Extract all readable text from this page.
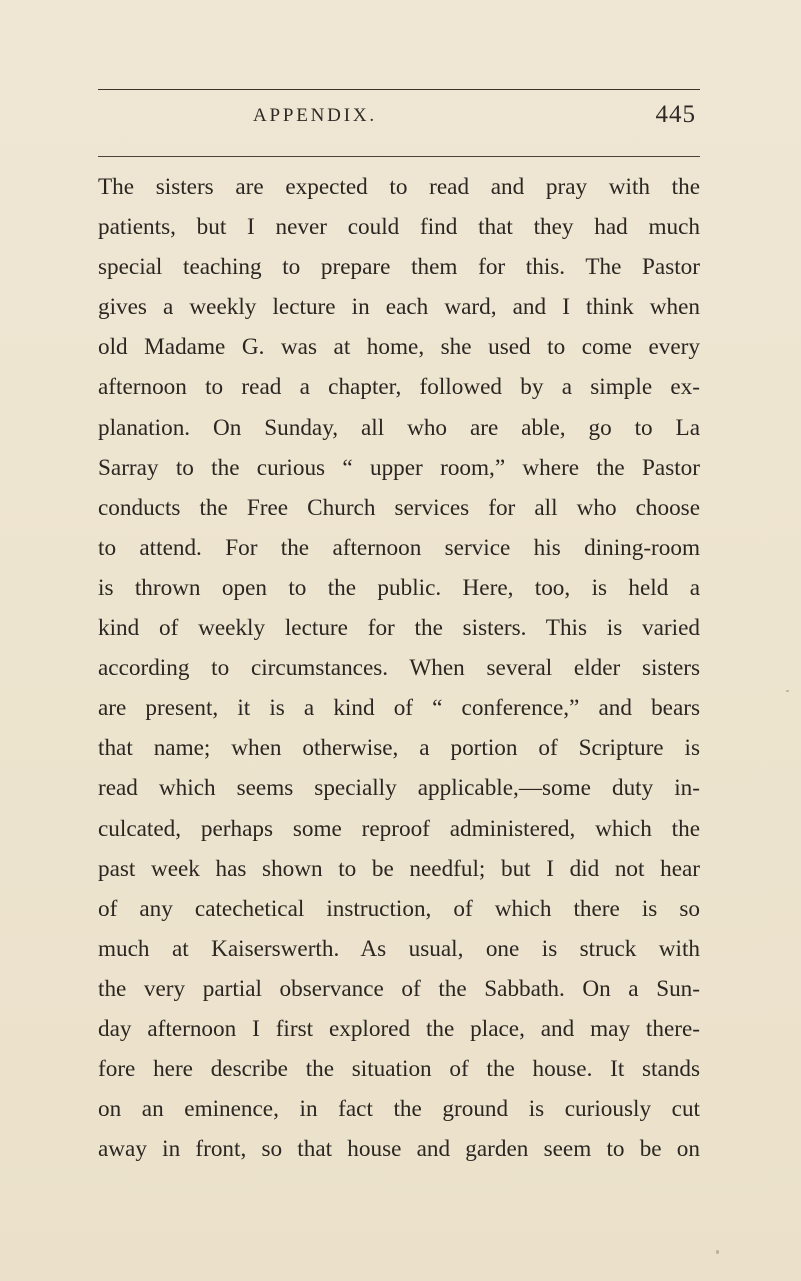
APPENDIX.	445
The sisters are expected to read and pray with the
patients, but I never could find that they had much
special teaching to prepare them for this. The Pastor
gives a weekly lecture in each ward, and I think when
old Madame G. was at home, she used to come every
afternoon to read a chapter, followed by a simple ex-
planation. On Sunday, all who are able, go to La
Sarray to the curious “ upper room,” where the Pastor
conducts the Free Church services for all who choose
to attend. For the afternoon service his dining-room
is thrown open to the public. Here, too, is held a
kind of weekly lecture for the sisters. This is varied
according to circumstances. When several elder sisters
are present, it is a kind of “ conference,” and bears
that name; when otherwise, a portion of Scripture is
read which seems specially applicable,—some duty in-
culcated, perhaps some reproof administered, which the
past week has shown to be needful; but I did not hear
of any catechetical instruction, of which there is so
much at Kaiserswerth. As usual, one is struck with
the very partial observance of the Sabbath. On a Sun-
day afternoon I first explored the place, and may there-
fore here describe the situation of the house. It stands
on an eminence, in fact the ground is curiously cut
away in front, so that house and garden seem to be on
